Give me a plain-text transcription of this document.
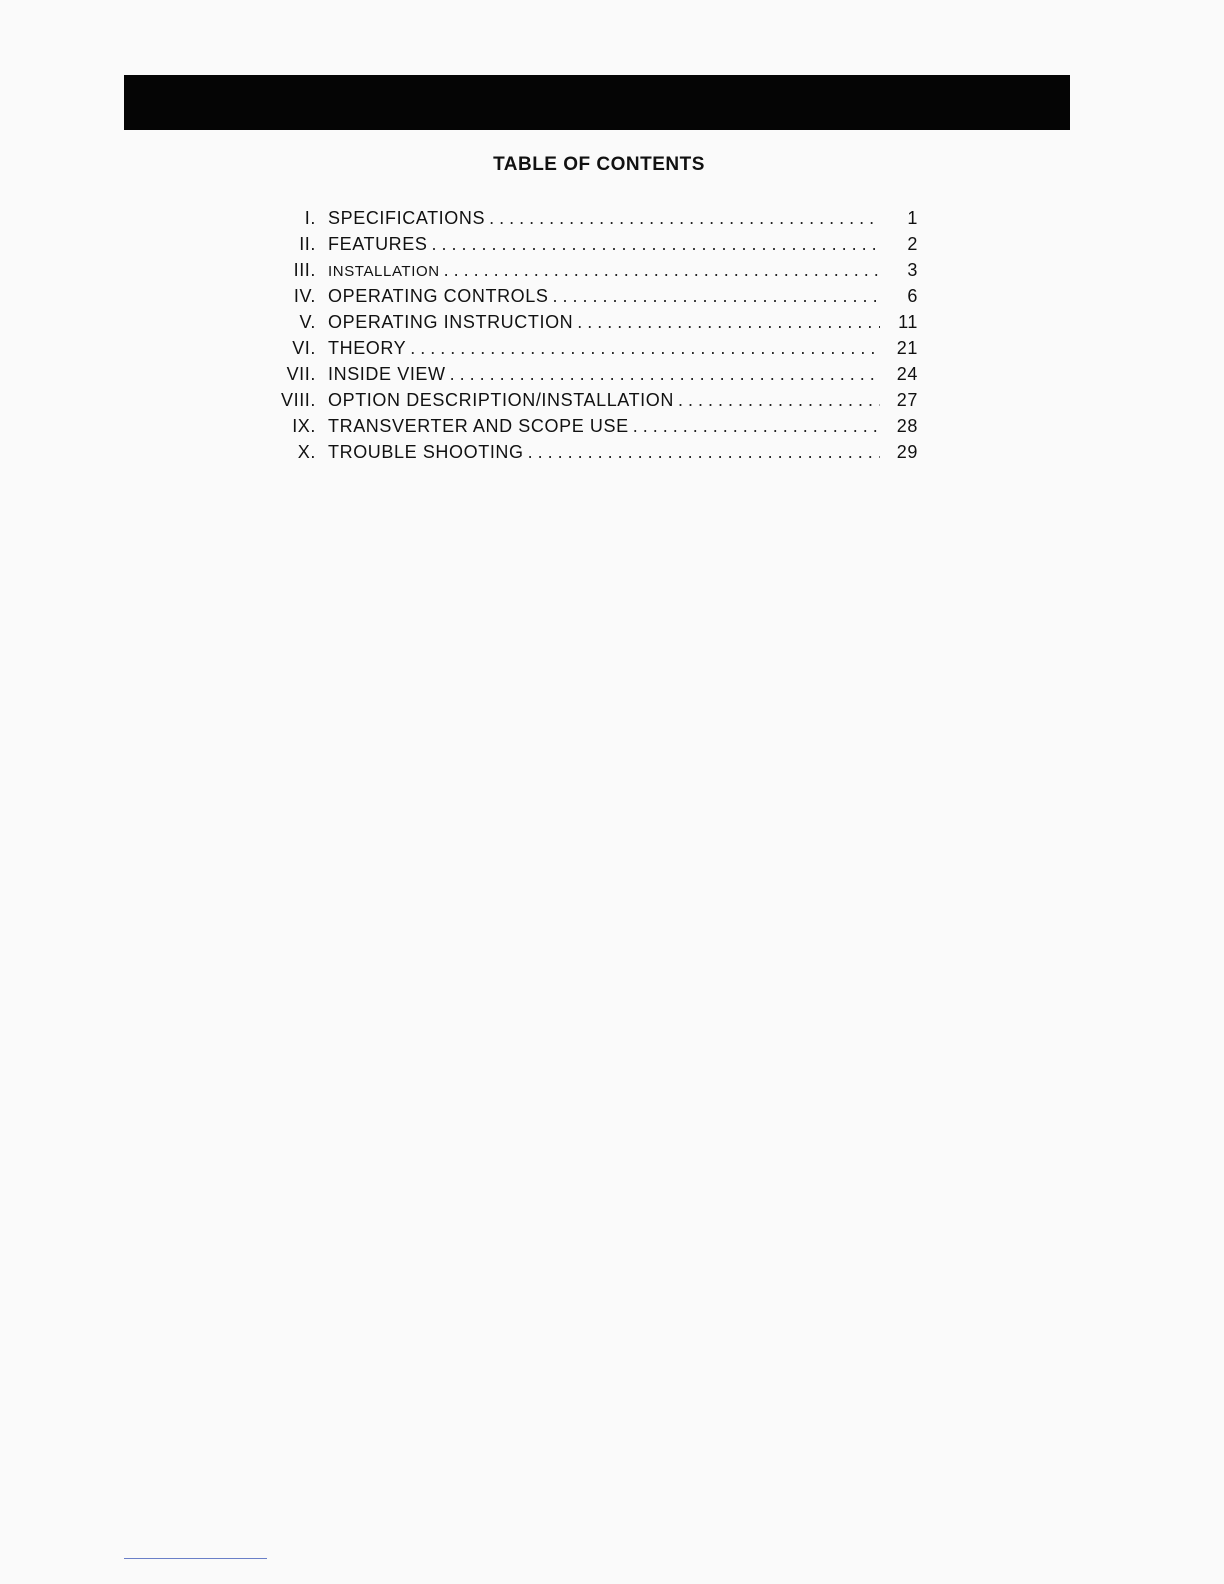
TABLE OF CONTENTS
I. SPECIFICATIONS . . .	1
II. FEATURES . . .	2
III. INSTALLATION . . .	3
IV. OPERATING CONTROLS . . .	6
V. OPERATING INSTRUCTION . . .	11
VI. THEORY . . .	21
VII. INSIDE VIEW . . .	24
VIII. OPTION DESCRIPTION/INSTALLATION . . .	27
IX. TRANSVERTER AND SCOPE USE . . .	28
X. TROUBLE SHOOTING . . .	29
